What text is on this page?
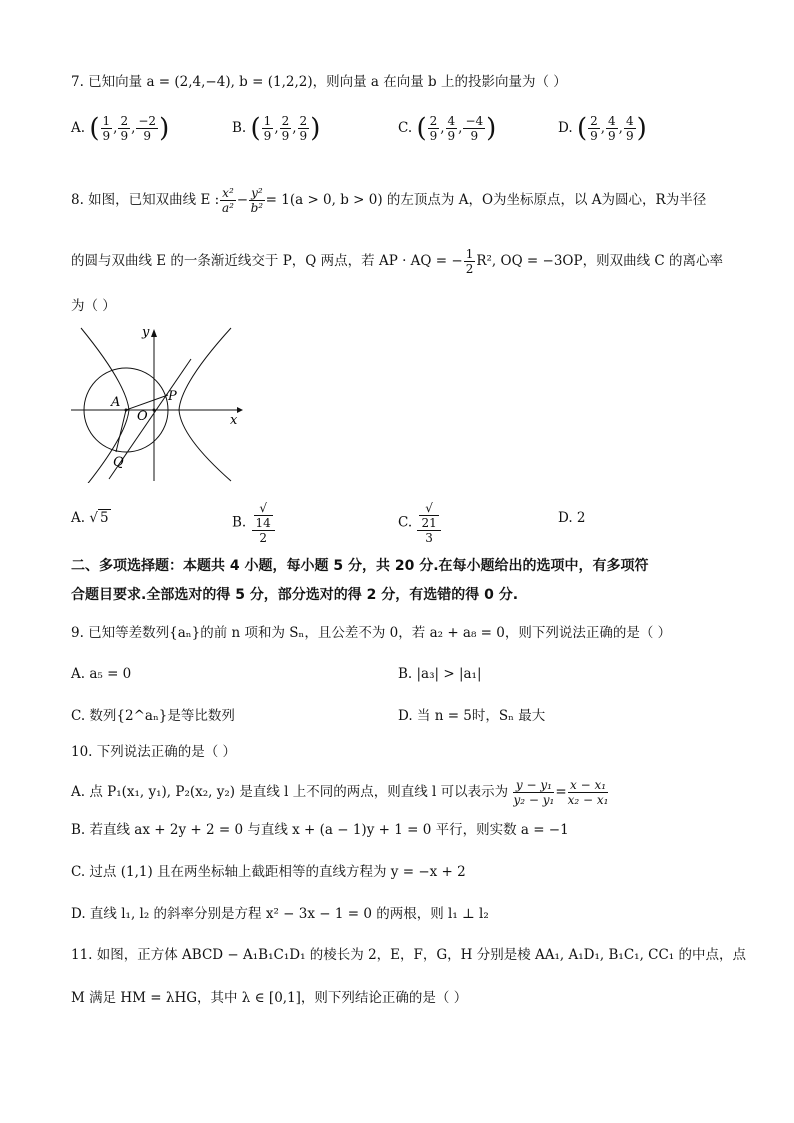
7. 已知向量 a = (2,4,−4), b = (1,2,2)，则向量 a 在向量 b 上的投影向量为（ ）
A. ( $\frac{1}{9}$ , $\frac{2}{9}$ , $\frac{-2}{9}$ )	B. ( $\frac{1}{9}$ , $\frac{2}{9}$ , $\frac{2}{9}$ )	C. ( $\frac{2}{9}$ , $\frac{4}{9}$ , $\frac{-4}{9}$ )	D. ( $\frac{2}{9}$ , $\frac{4}{9}$ , $\frac{4}{9}$ )
8. 如图，已知双曲线 E : $\frac{\text{x²}}{\text{a²}} - \frac{\text{y²}}{\text{b²}} = 1(a > 0$, b > 0) 的左顶点为 A，O为坐标原点，以 A为圆心，R为半径
的圆与双曲线 E 的一条渐近线交于 P，Q 两点，若 AP · AQ = − $\frac{1}{2} R^2$, OQ = −3OP，则双曲线 C 的离心率
为（ ）
y
x
A
O
P
Q
A. √ 5	B. √
14
2	C. √
21
3	D. 2
二、多项选择题：本题共 4 小题，每小题 5 分，共 20 分.在每小题给出的选项中，有多项符
合题目要求.全部选对的得 5 分，部分选对的得 2 分，有选错的得 0 分.
9. 已知等差数列{aₙ}的前 n 项和为 Sₙ，且公差不为 0，若 a₂ + a₈ = 0，则下列说法正确的是（ ）
A. a₅ = 0	B. |a₃| > |a₁|
C. 数列{2^aₙ}是等比数列	D. 当 n = 5时，Sₙ 最大
10. 下列说法正确的是（ ）
A. 点 P₁(x₁, y₁), P₂(x₂, y₂) 是直线 l 上不同的两点，则直线 l 可以表示为 $\frac{\text{y − y₁}}{\text{y₂ − y₁}} = \frac{\text{x − x₁}}{\text{x₂ − x₁}}$
B. 若直线 ax + 2y + 2 = 0 与直线 x + (a − 1)y + 1 = 0 平行，则实数 a = −1
C. 过点 (1,1) 且在两坐标轴上截距相等的直线方程为 y = −x + 2
D. 直线 l₁, l₂ 的斜率分别是方程 x² − 3x − 1 = 0 的两根，则 l₁ ⊥ l₂
11. 如图，正方体 ABCD − A₁B₁C₁D₁ 的棱长为 2，E，F，G，H 分别是棱 AA₁, A₁D₁, B₁C₁, CC₁ 的中点，点
M 满足 HM = λHG，其中 λ ∈ [0,1]，则下列结论正确的是（ ）
